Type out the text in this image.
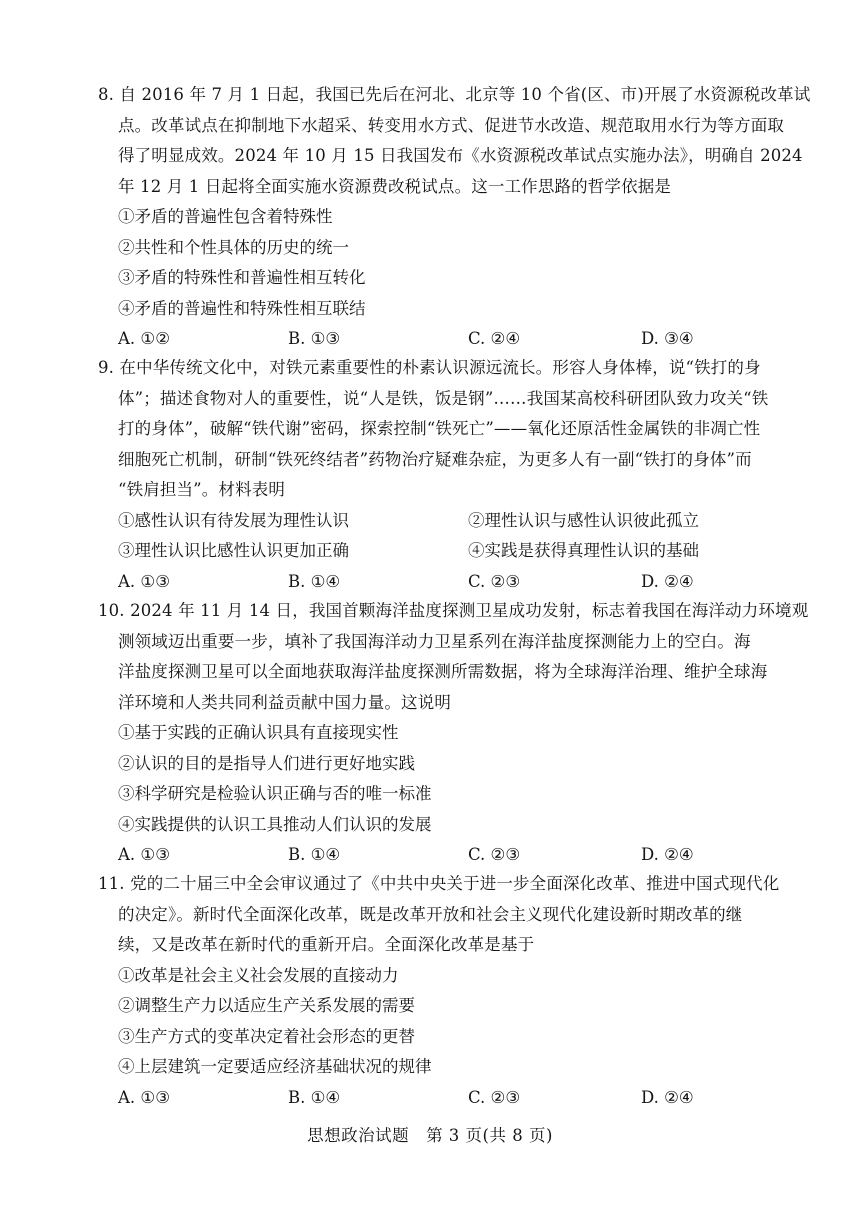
8. 自 2016 年 7 月 1 日起，我国已先后在河北、北京等 10 个省(区、市)开展了水资源税改革试
点。改革试点在抑制地下水超采、转变用水方式、促进节水改造、规范取用水行为等方面取
得了明显成效。2024 年 10 月 15 日我国发布《水资源税改革试点实施办法》，明确自 2024
年 12 月 1 日起将全面实施水资源费改税试点。这一工作思路的哲学依据是
①矛盾的普遍性包含着特殊性
②共性和个性具体的历史的统一
③矛盾的特殊性和普遍性相互转化
④矛盾的普遍性和特殊性相互联结
A. ①②	B. ①③	C. ②④	D. ③④
9. 在中华传统文化中，对铁元素重要性的朴素认识源远流长。形容人身体棒，说“铁打的身
体”；描述食物对人的重要性，说“人是铁，饭是钢”……我国某高校科研团队致力攻关“铁
打的身体”，破解“铁代谢”密码，探索控制“铁死亡”——氧化还原活性金属铁的非凋亡性
细胞死亡机制，研制“铁死终结者”药物治疗疑难杂症，为更多人有一副“铁打的身体”而
“铁肩担当”。材料表明
①感性认识有待发展为理性认识	②理性认识与感性认识彼此孤立
③理性认识比感性认识更加正确	④实践是获得真理性认识的基础
A. ①③	B. ①④	C. ②③	D. ②④
10. 2024 年 11 月 14 日，我国首颗海洋盐度探测卫星成功发射，标志着我国在海洋动力环境观
测领域迈出重要一步，填补了我国海洋动力卫星系列在海洋盐度探测能力上的空白。海
洋盐度探测卫星可以全面地获取海洋盐度探测所需数据，将为全球海洋治理、维护全球海
洋环境和人类共同利益贡献中国力量。这说明
①基于实践的正确认识具有直接现实性
②认识的目的是指导人们进行更好地实践
③科学研究是检验认识正确与否的唯一标准
④实践提供的认识工具推动人们认识的发展
A. ①③	B. ①④	C. ②③	D. ②④
11. 党的二十届三中全会审议通过了《中共中央关于进一步全面深化改革、推进中国式现代化
的决定》。新时代全面深化改革，既是改革开放和社会主义现代化建设新时期改革的继
续，又是改革在新时代的重新开启。全面深化改革是基于
①改革是社会主义社会发展的直接动力
②调整生产力以适应生产关系发展的需要
③生产方式的变革决定着社会形态的更替
④上层建筑一定要适应经济基础状况的规律
A. ①③	B. ①④	C. ②③	D. ②④
思想政治试题　第 3 页(共 8 页)
